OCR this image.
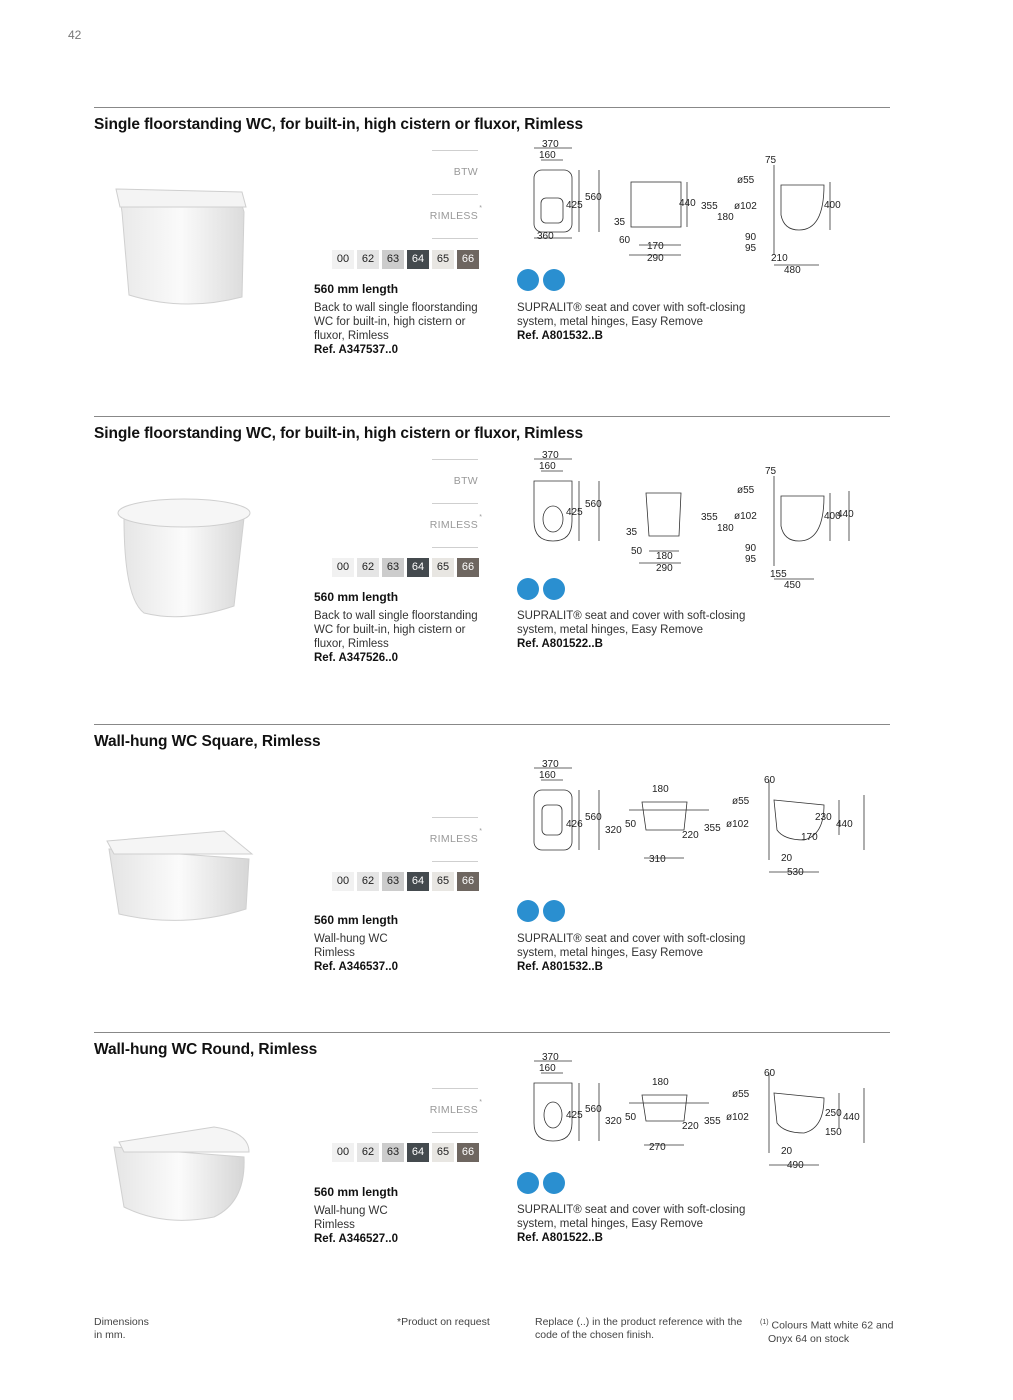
42
Single floorstanding WC, for built-in, high cistern or fluxor, Rimless
BTW
RIMLESS
*
00	62	63	64	65	66
560 mm length
Back to wall single floorstanding
WC for built-in, high cistern or
fluxor, Rimless
Ref. A347537..0
SUPRALIT® seat and cover with soft-closing
system, metal hinges, Easy Remove
Ref. A801532..B
370
160
425
560
360
440
35
60
170
290
75
ø55
355 ø102
180
400
90
95
210
480
Single floorstanding WC, for built-in, high cistern or fluxor, Rimless
BTW
RIMLESS
*
00	62	63	64	65	66
560 mm length
Back to wall single floorstanding
WC for built-in, high cistern or
fluxor, Rimless
Ref. A347526..0
SUPRALIT® seat and cover with soft-closing
system, metal hinges, Easy Remove
Ref. A801522..B
370
160
425
560
35
50 180
290
75
ø55
355 ø102
180
400
440
90
95
155
450
Wall-hung WC Square, Rimless
RIMLESS
*
00	62	63	64	65	66
560 mm length
Wall-hung WC
Rimless
Ref. A346537..0
SUPRALIT® seat and cover with soft-closing
system, metal hinges, Easy Remove
Ref. A801532..B
370
160
426
560
180
320
50
220
355
310
60
ø55
ø102
230
440
170
20
530
Wall-hung WC Round, Rimless
RIMLESS
*
00	62	63	64	65	66
560 mm length
Wall-hung WC
Rimless
Ref. A346527..0
SUPRALIT® seat and cover with soft-closing
system, metal hinges, Easy Remove
Ref. A801522..B
370
160
425
560
180
320 50
220 355
270
60
ø55
ø102	250 440
150
20
490
Dimensions
in mm.
*Product on request	Replace (..) in the product reference with the
code of the chosen finish.
$^{(1)}$ Colours Matt white 62 and
Onyx 64 on stock
